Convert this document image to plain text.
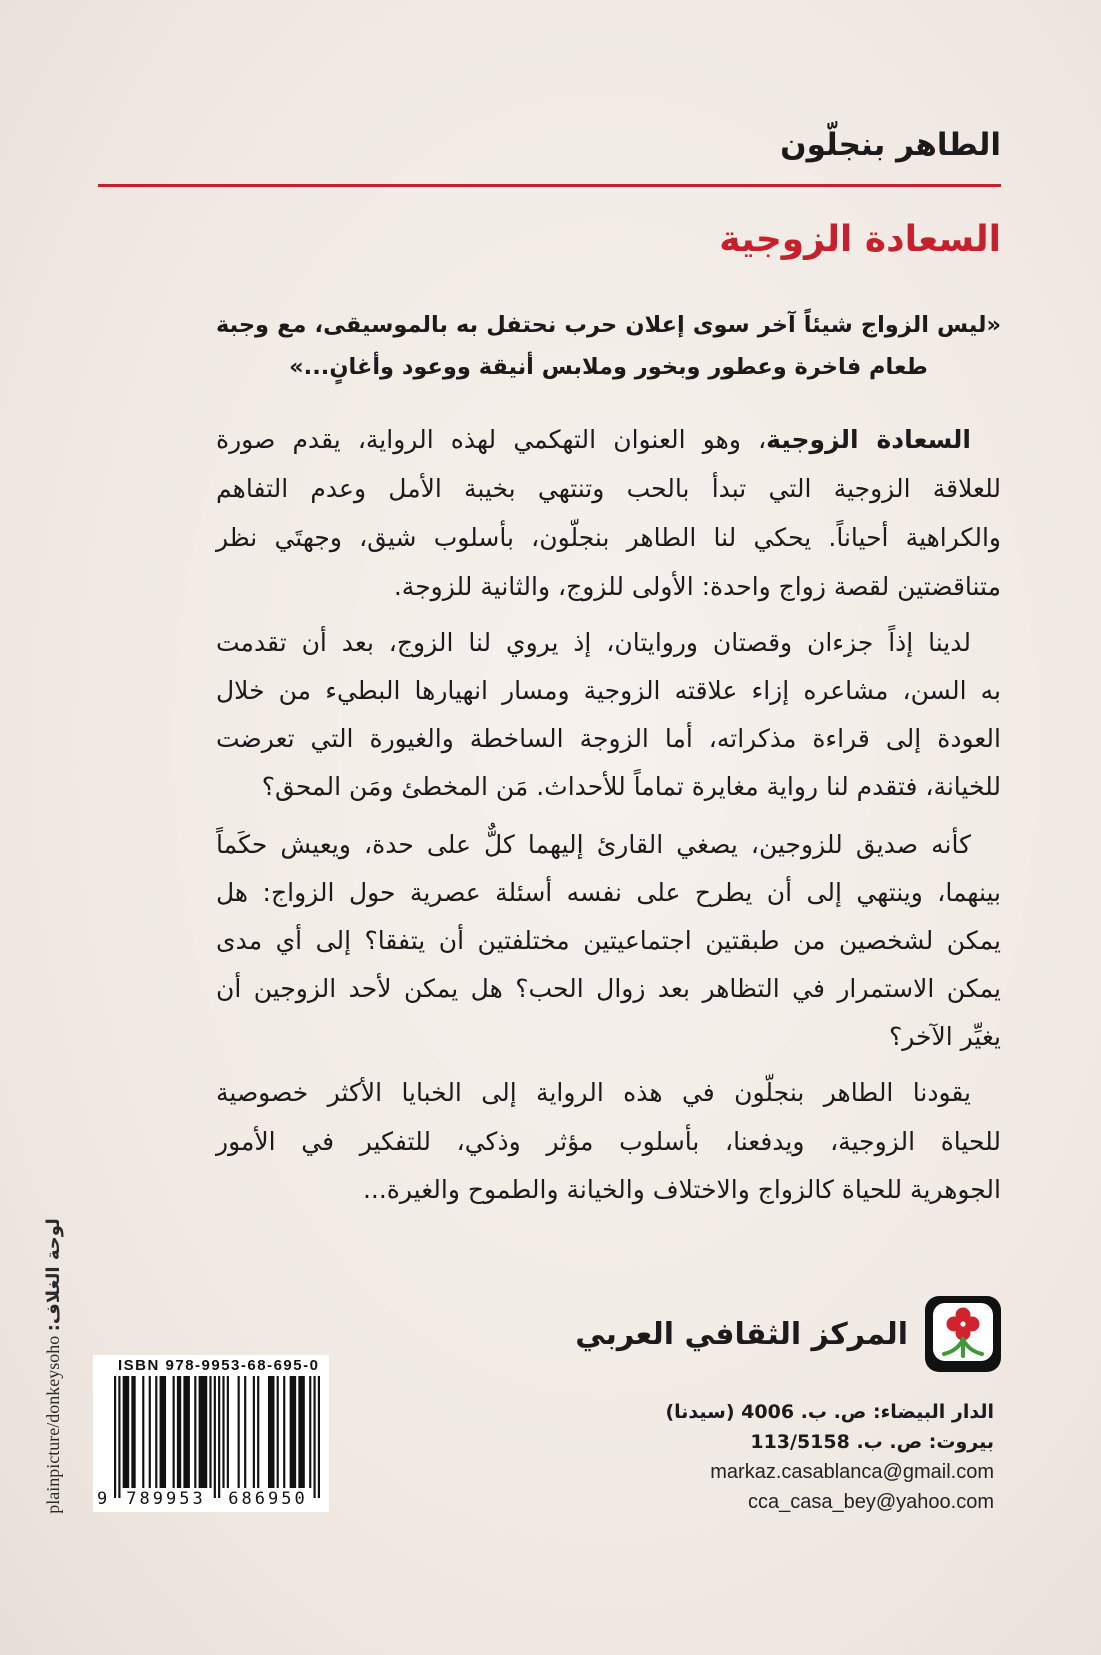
الطاهر بنجلّون
السعادة الزوجية
«ليس الزواج شيئاً آخر سوى إعلان حرب نحتفل به بالموسيقى، مع وجبة
طعام فاخرة وعطور وبخور وملابس أنيقة ووعود وأغانٍ...»
السعادة الزوجية، وهو العنوان التهكمي لهذه الرواية، يقدم صورة
للعلاقة الزوجية التي تبدأ بالحب وتنتهي بخيبة الأمل وعدم التفاهم
والكراهية أحياناً. يحكي لنا الطاهر بنجلّون، بأسلوب شيق، وجهتَي نظر
متناقضتين لقصة زواج واحدة: الأولى للزوج، والثانية للزوجة.
لدينا إذاً جزءان وقصتان وروايتان، إذ يروي لنا الزوج، بعد أن تقدمت
به السن، مشاعره إزاء علاقته الزوجية ومسار انهيارها البطيء من خلال
العودة إلى قراءة مذكراته، أما الزوجة الساخطة والغيورة التي تعرضت
للخيانة، فتقدم لنا رواية مغايرة تماماً للأحداث. مَن المخطئ ومَن المحق؟
كأنه صديق للزوجين، يصغي القارئ إليهما كلٌّ على حدة، ويعيش حكَماً
بينهما، وينتهي إلى أن يطرح على نفسه أسئلة عصرية حول الزواج: هل
يمكن لشخصين من طبقتين اجتماعيتين مختلفتين أن يتفقا؟ إلى أي مدى
يمكن الاستمرار في التظاهر بعد زوال الحب؟ هل يمكن لأحد الزوجين أن
يغيِّر الآخر؟
يقودنا الطاهر بنجلّون في هذه الرواية إلى الخبايا الأكثر خصوصية
للحياة الزوجية، ويدفعنا، بأسلوب مؤثر وذكي، للتفكير في الأمور
الجوهرية للحياة كالزواج والاختلاف والخيانة والطموح والغيرة...
المركز الثقافي العربي
الدار البيضاء: ص. ب. 4006 (سيدنا)
بيروت: ص. ب. 113/5158
markaz.casablanca@gmail.com
cca_casa_bey@yahoo.com
ISBN 978-9953-68-695-0
9 789953	686950
لوحة الغلاف: plainpicture/donkeysoho
